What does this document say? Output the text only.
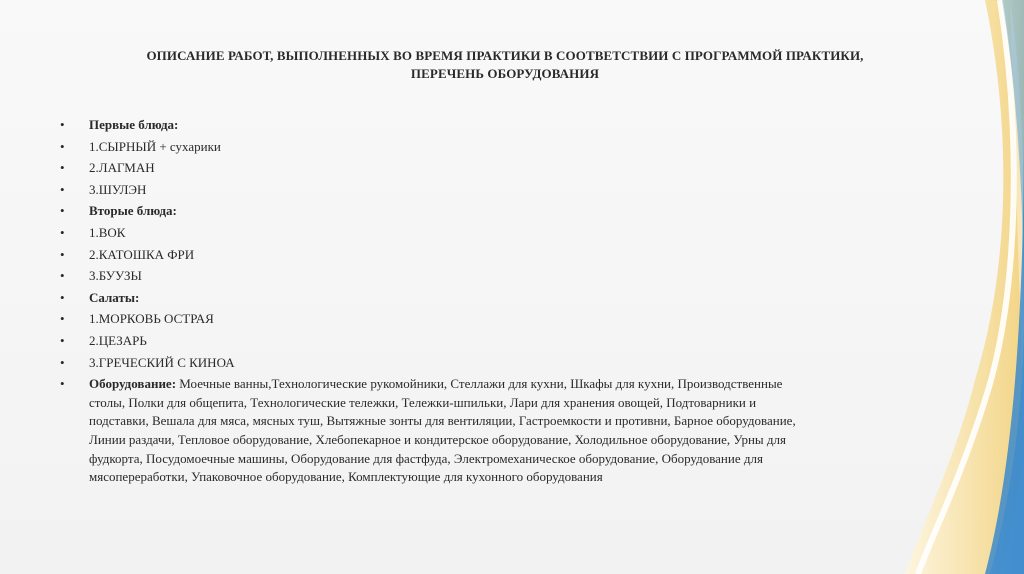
ОПИСАНИЕ РАБОТ, ВЫПОЛНЕННЫХ ВО ВРЕМЯ ПРАКТИКИ В СООТВЕТСТВИИ С ПРОГРАММОЙ ПРАКТИКИ,
ПЕРЕЧЕНЬ ОБОРУДОВАНИЯ
• Первые блюда:
• 1.СЫРНЫЙ + сухарики
• 2.ЛАГМАН
• 3.ШУЛЭН
• Вторые блюда:
• 1.ВОК
• 2.КАТОШКА ФРИ
• 3.БУУЗЫ
• Салаты:
• 1.МОРКОВЬ ОСТРАЯ
• 2.ЦЕЗАРЬ
• 3.ГРЕЧЕСКИЙ С КИНОА
• Оборудование: Моечные ванны,Технологические рукомойники, Стеллажи для кухни, Шкафы для кухни, Производственные
столы, Полки для общепита, Технологические тележки, Тележки-шпильки, Лари для хранения овощей, Подтоварники и
подставки, Вешала для мяса, мясных туш, Вытяжные зонты для вентиляции, Гастроемкости и противни, Барное оборудование,
Линии раздачи, Тепловое оборудование, Хлебопекарное и кондитерское оборудование, Холодильное оборудование, Урны для
фудкорта, Посудомоечные машины, Оборудование для фастфуда, Электромеханическое оборудование, Оборудование для
мясопереработки, Упаковочное оборудование, Комплектующие для кухонного оборудования
